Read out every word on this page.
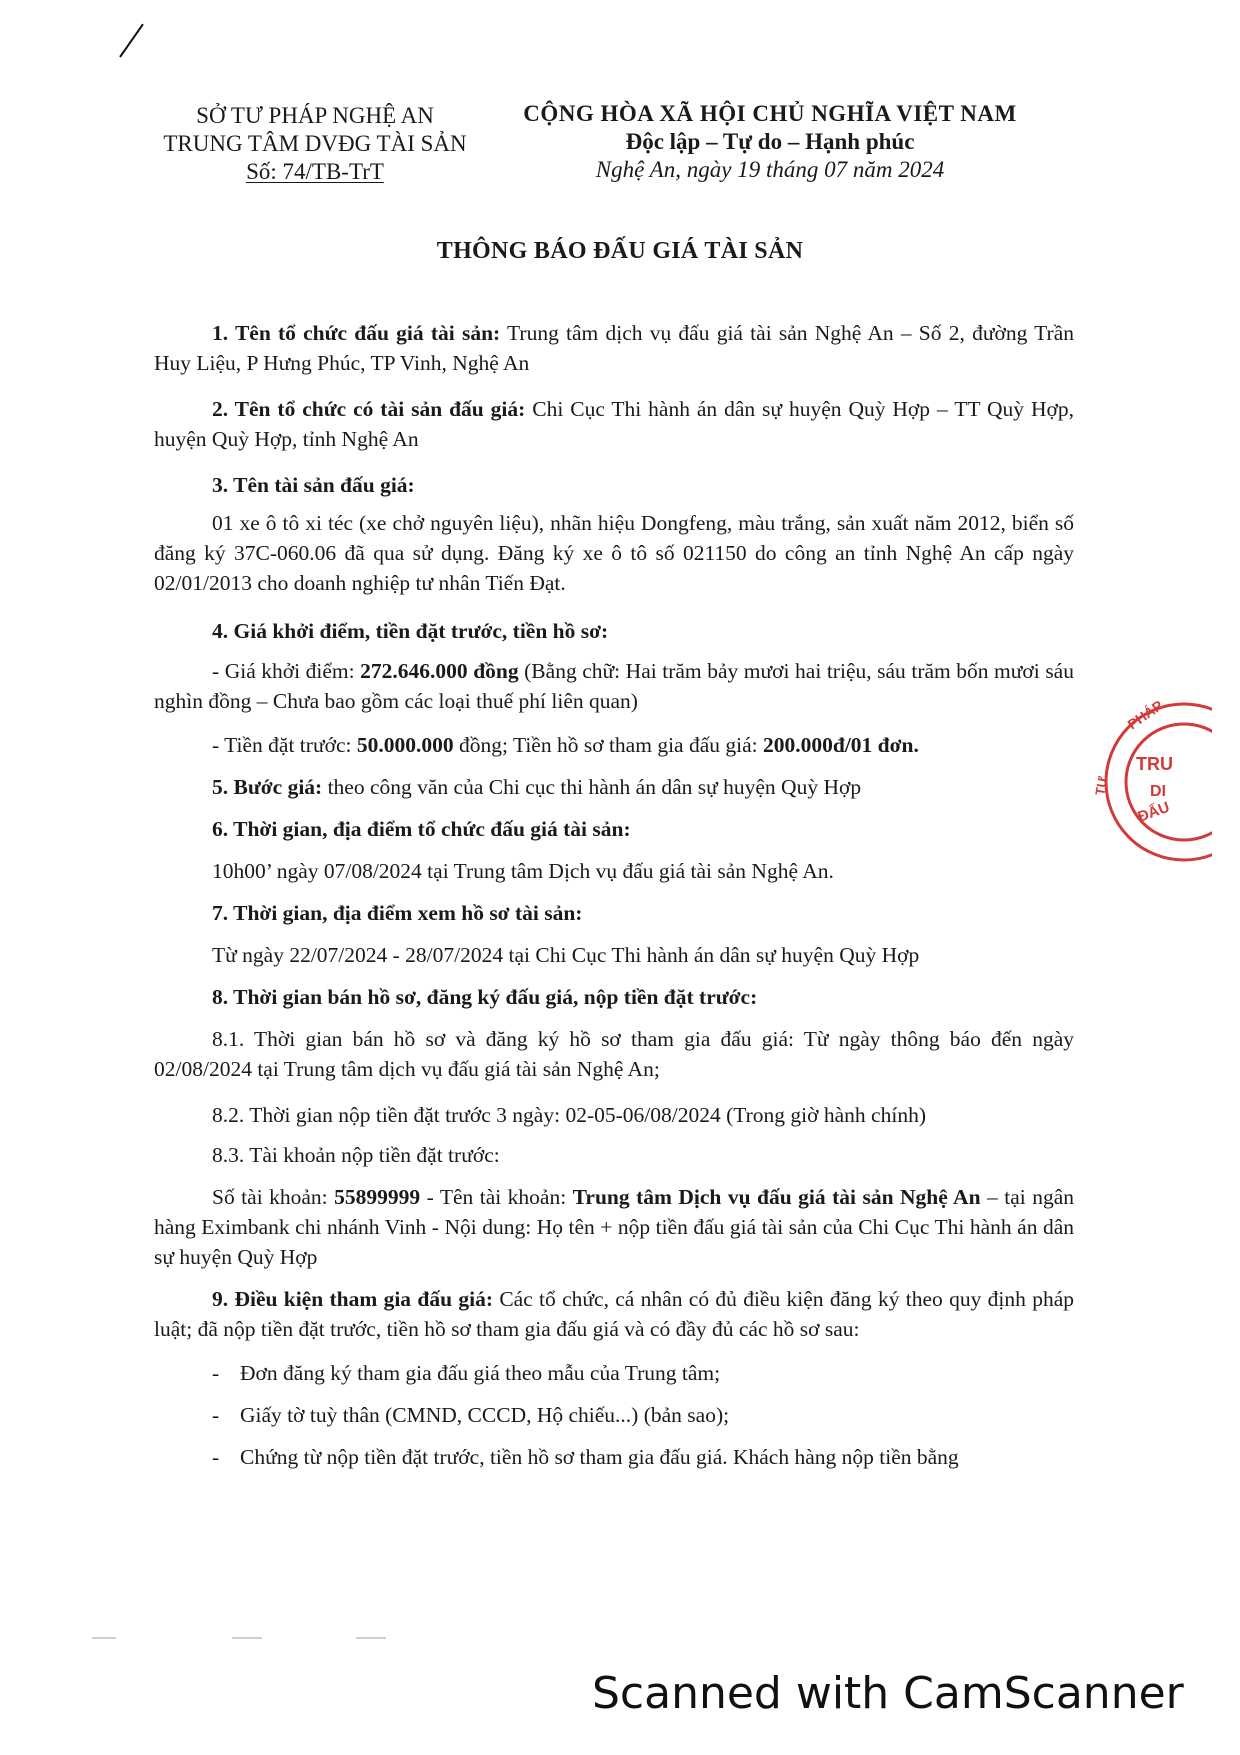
SỞ TƯ PHÁP NGHỆ AN
TRUNG TÂM DVĐG TÀI SẢN
Số: 74/TB-TrT
CỘNG HÒA XÃ HỘI CHỦ NGHĨA VIỆT NAM
Độc lập – Tự do – Hạnh phúc
Nghệ An, ngày 19 tháng 07 năm 2024
THÔNG BÁO ĐẤU GIÁ TÀI SẢN
1. Tên tổ chức đấu giá tài sản: Trung tâm dịch vụ đấu giá tài sản Nghệ An – Số 2, đường Trần Huy Liệu, P Hưng Phúc, TP Vinh, Nghệ An
2. Tên tổ chức có tài sản đấu giá: Chi Cục Thi hành án dân sự huyện Quỳ Hợp – TT Quỳ Hợp, huyện Quỳ Hợp, tỉnh Nghệ An
3. Tên tài sản đấu giá:
01 xe ô tô xi téc (xe chở nguyên liệu), nhãn hiệu Dongfeng, màu trắng, sản xuất năm 2012, biển số đăng ký 37C-060.06 đã qua sử dụng. Đăng ký xe ô tô số 021150 do công an tỉnh Nghệ An cấp ngày 02/01/2013 cho doanh nghiệp tư nhân Tiến Đạt.
4. Giá khởi điểm, tiền đặt trước, tiền hồ sơ:
- Giá khởi điểm: 272.646.000 đồng (Bằng chữ: Hai trăm bảy mươi hai triệu, sáu trăm bốn mươi sáu nghìn đồng – Chưa bao gồm các loại thuế phí liên quan)
- Tiền đặt trước: 50.000.000 đồng; Tiền hồ sơ tham gia đấu giá: 200.000đ/01 đơn.
5. Bước giá: theo công văn của Chi cục thi hành án dân sự huyện Quỳ Hợp
6. Thời gian, địa điểm tổ chức đấu giá tài sản:
10h00’ ngày 07/08/2024 tại Trung tâm Dịch vụ đấu giá tài sản Nghệ An.
7. Thời gian, địa điểm xem hồ sơ tài sản:
Từ ngày 22/07/2024 - 28/07/2024 tại Chi Cục Thi hành án dân sự huyện Quỳ Hợp
8. Thời gian bán hồ sơ, đăng ký đấu giá, nộp tiền đặt trước:
8.1. Thời gian bán hồ sơ và đăng ký hồ sơ tham gia đấu giá: Từ ngày thông báo đến ngày 02/08/2024 tại Trung tâm dịch vụ đấu giá tài sản Nghệ An;
8.2. Thời gian nộp tiền đặt trước 3 ngày: 02-05-06/08/2024 (Trong giờ hành chính)
8.3. Tài khoản nộp tiền đặt trước:
Số tài khoản: 55899999 - Tên tài khoản: Trung tâm Dịch vụ đấu giá tài sản Nghệ An – tại ngân hàng Eximbank chi nhánh Vinh - Nội dung: Họ tên + nộp tiền đấu giá tài sản của Chi Cục Thi hành án dân sự huyện Quỳ Hợp
9. Điều kiện tham gia đấu giá: Các tổ chức, cá nhân có đủ điều kiện đăng ký theo quy định pháp luật; đã nộp tiền đặt trước, tiền hồ sơ tham gia đấu giá và có đầy đủ các hồ sơ sau:
- Đơn đăng ký tham gia đấu giá theo mẫu của Trung tâm;
- Giấy tờ tuỳ thân (CMND, CCCD, Hộ chiếu...) (bản sao);
- Chứng từ nộp tiền đặt trước, tiền hồ sơ tham gia đấu giá. Khách hàng nộp tiền bằng
PHÁP
TƯ
TRU
DI
ĐẤU
Scanned with CamScanner
